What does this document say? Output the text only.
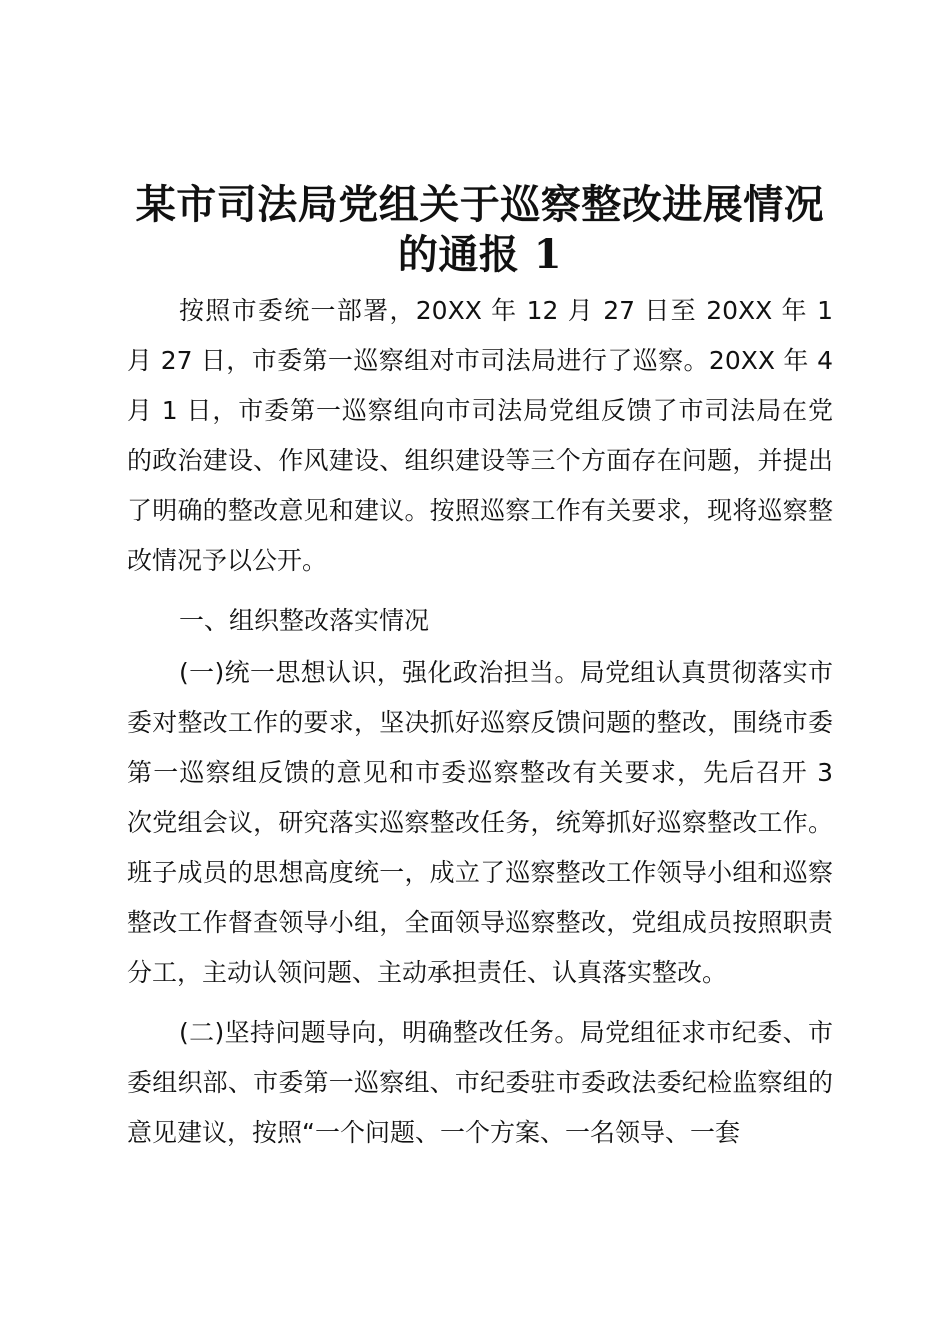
某市司法局党组关于巡察整改进展情况的通报 1

按照市委统一部署，20XX 年 12 月 27 日至 20XX 年 1 月 27 日，市委第一巡察组对市司法局进行了巡察。20XX 年 4 月 1 日，市委第一巡察组向市司法局党组反馈了市司法局在党的政治建设、作风建设、组织建设等三个方面存在问题，并提出了明确的整改意见和建议。按照巡察工作有关要求，现将巡察整改情况予以公开。

一、组织整改落实情况

(一)统一思想认识，强化政治担当。局党组认真贯彻落实市委对整改工作的要求，坚决抓好巡察反馈问题的整改，围绕市委第一巡察组反馈的意见和市委巡察整改有关要求，先后召开 3 次党组会议，研究落实巡察整改任务，统筹抓好巡察整改工作。班子成员的思想高度统一，成立了巡察整改工作领导小组和巡察整改工作督查领导小组，全面领导巡察整改，党组成员按照职责分工，主动认领问题、主动承担责任、认真落实整改。

(二)坚持问题导向，明确整改任务。局党组征求市纪委、市委组织部、市委第一巡察组、市纪委驻市委政法委纪检监察组的意见建议，按照“一个问题、一个方案、一名领导、一套
